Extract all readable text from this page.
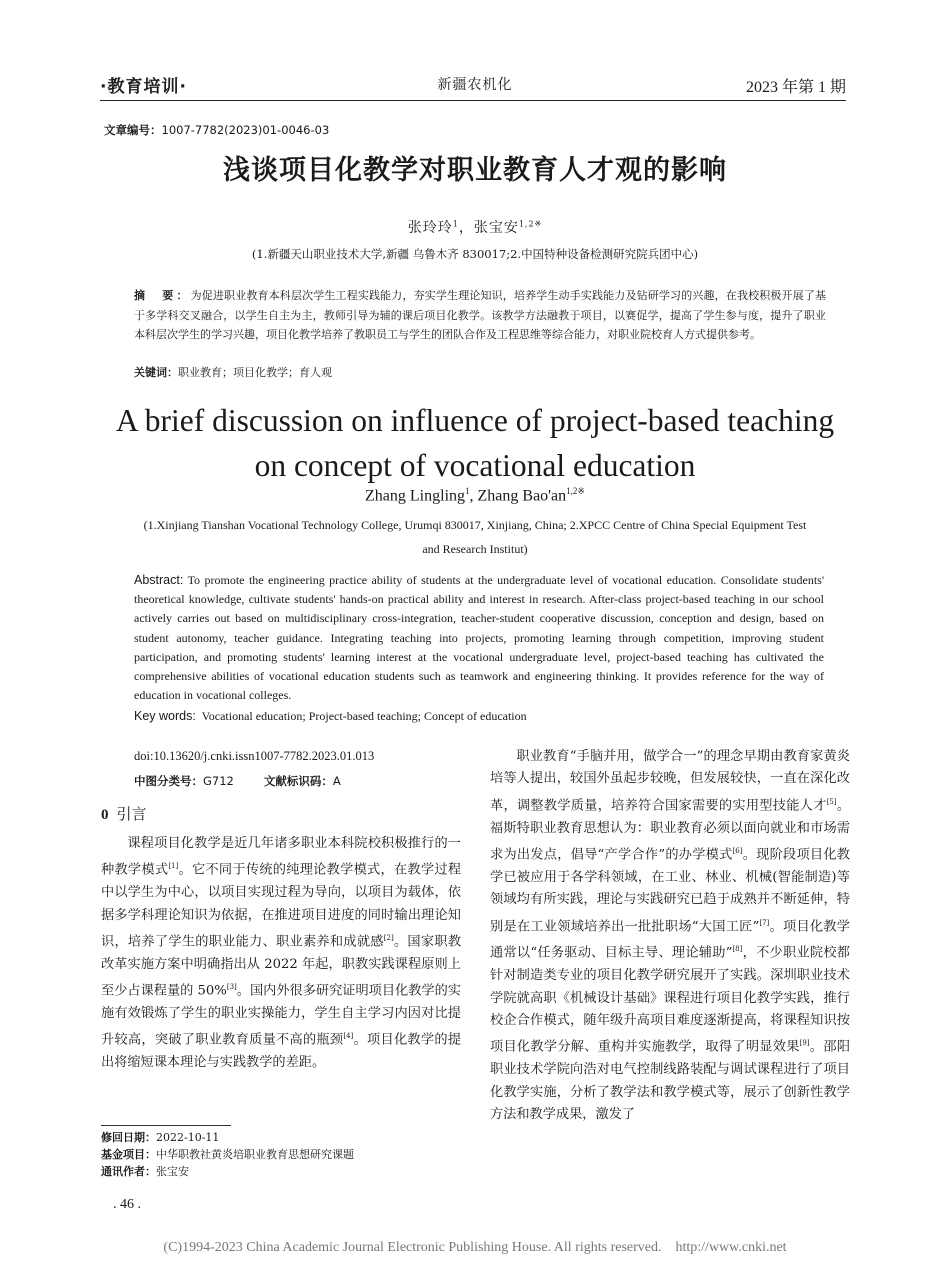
·教育培训·	新疆农机化	2023 年第 1 期
文章编号：1007-7782(2023)01-0046-03
浅谈项目化教学对职业教育人才观的影响
张玲玲$^1$，张宝安$^{1,2※}$
(1.新疆天山职业技术大学,新疆 乌鲁木齐 830017;2.中国特种设备检测研究院兵团中心)
摘　要：为促进职业教育本科层次学生工程实践能力，夯实学生理论知识，培养学生动手实践能力及钻研学习的兴趣，在我校积极开展了基于多学科交叉融合，以学生自主为主，教师引导为辅的课后项目化教学。该教学方法融教于项目，以赛促学，提高了学生参与度，提升了职业本科层次学生的学习兴趣，项目化教学培养了教职员工与学生的团队合作及工程思维等综合能力，对职业院校育人方式提供参考。
关键词：职业教育；项目化教学；育人观
A brief discussion on influence of project-based teaching
on concept of vocational education
Zhang Lingling$^1$, Zhang $Bao'an^{1,2※}$
(1.Xinjiang Tianshan Vocational Technology College, Urumqi 830017, Xinjiang, China; 2.XPCC Centre of China Special Equipment Test
and Research Institut)
Abstract: To promote the engineering practice ability of students at the undergraduate level of vocational education. Consolidate students' theoretical knowledge, cultivate students' hands-on practical ability and interest in research. After-class project-based teaching in our school actively carries out based on multidisciplinary cross-integration, teacher-student cooperative discussion, conception and design, based on student autonomy, teacher guidance. Integrating teaching into projects, promoting learning through competition, improving student participation, and promoting students' learning interest at the vocational undergraduate level, project-based teaching has cultivated the comprehensive abilities of vocational education students such as teamwork and engineering thinking. It provides reference for the way of education in vocational colleges.
Key words: Vocational education; Project-based teaching; Concept of education
doi:10.13620/j.cnki.issn1007-7782.2023.01.013
中图分类号：G712	文献标识码：A
0 引言

课程项目化教学是近几年诸多职业本科院校积极推行的一种教学模式[1]。它不同于传统的纯理论教学模式，在教学过程中以学生为中心，以项目实现过程为导向，以项目为载体，依据多学科理论知识为依据，在推进项目进度的同时输出理论知识，培养了学生的职业能力、职业素养和成就感[2]。国家职教改革实施方案中明确指出从 2022 年起，职教实践课程原则上至少占课程量的 50%[3]。国内外很多研究证明项目化教学的实施有效锻炼了学生的职业实操能力，学生自主学习内因对比提升较高，突破了职业教育质量不高的瓶颈[4]。项目化教学的提出将缩短课本理论与实践教学的差距。

职业教育“手脑并用，做学合一”的理念早期由教育家黄炎培等人提出，较国外虽起步较晚，但发展较快，一直在深化改革，调整教学质量，培养符合国家需要的实用型技能人才[5]。福斯特职业教育思想认为：职业教育必须以面向就业和市场需求为出发点，倡导“产学合作”的办学模式[6]。现阶段项目化教学已被应用于各学科领域，在工业、林业、机械(智能制造)等领域均有所实践，理论与实践研究已趋于成熟并不断延伸，特别是在工业领域培养出一批批职场“大国工匠”[7]。项目化教学通常以“任务驱动、目标主导、理论辅助”[8]，不少职业院校都针对制造类专业的项目化教学研究展开了实践。深圳职业技术学院就高职《机械设计基础》课程进行项目化教学实践，推行校企合作模式，随年级升高项目难度逐渐提高，将课程知识按项目化教学分解、重构并实施教学，取得了明显效果[9]。邵阳职业技术学院向浩对电气控制线路装配与调试课程进行了项目化教学实施，分析了教学法和教学模式等，展示了创新性教学方法和教学成果，激发了

修回日期：2022-10-11
基金项目：中华职教社黄炎培职业教育思想研究课题
通讯作者：张宝安
. 46 .
(C)1994-2023 China Academic Journal Electronic Publishing House. All rights reserved.　http://www.cnki.net
